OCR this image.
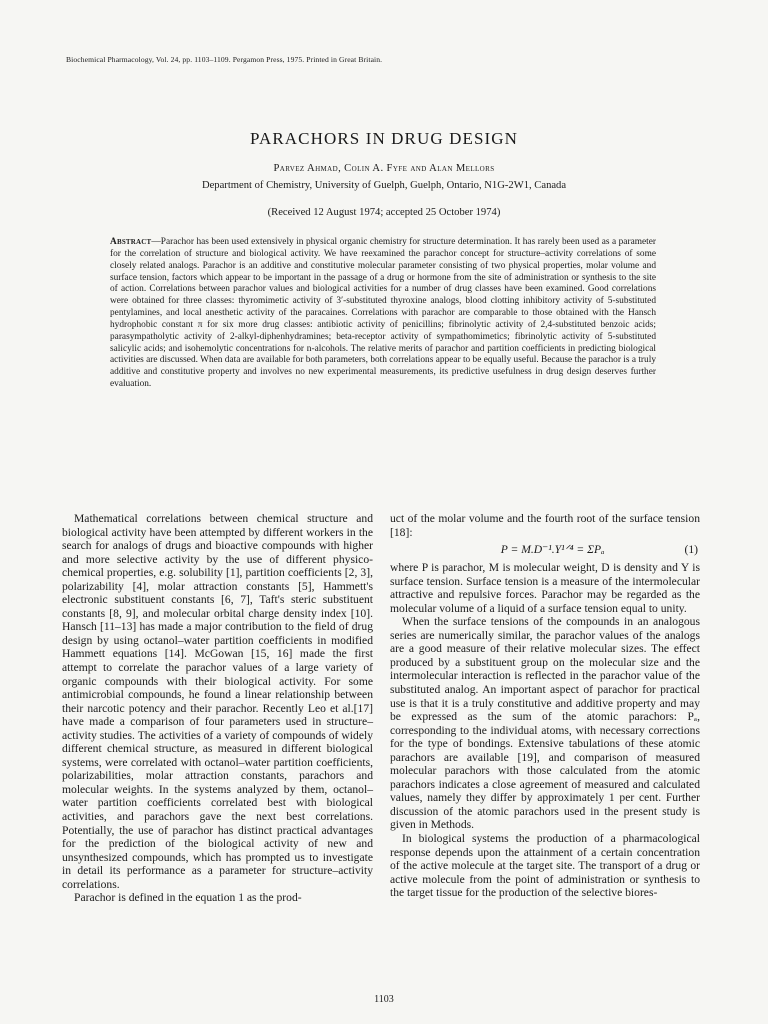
Biochemical Pharmacology, Vol. 24, pp. 1103–1109. Pergamon Press, 1975. Printed in Great Britain.
PARACHORS IN DRUG DESIGN
Parvez Ahmad, Colin A. Fyfe and Alan Mellors
Department of Chemistry, University of Guelph, Guelph, Ontario, N1G-2W1, Canada
(Received 12 August 1974; accepted 25 October 1974)

Abstract—Parachor has been used extensively in physical organic chemistry for structure determination. It has rarely been used as a parameter for the correlation of structure and biological activity. We have reexamined the parachor concept for structure–activity correlations of some closely related analogs. Parachor is an additive and constitutive molecular parameter consisting of two physical properties, molar volume and surface tension, factors which appear to be important in the passage of a drug or hormone from the site of administration or synthesis to the site of action. Correlations between parachor values and biological activities for a number of drug classes have been examined. Good correlations were obtained for three classes: thyromimetic activity of 3′-substituted thyroxine analogs, blood clotting inhibitory activity of 5-substituted pentylamines, and local anesthetic activity of the paracaines. Correlations with parachor are comparable to those obtained with the Hansch hydrophobic constant π for six more drug classes: antibiotic activity of penicillins; fibrinolytic activity of 2,4-substituted benzoic acids; parasympatholytic activity of 2-alkyl-diphenhydramines; beta-receptor activity of sympathomimetics; fibrinolytic activity of 5-substituted salicylic acids; and isohemolytic concentrations for n-alcohols. The relative merits of parachor and partition coefficients in predicting biological activities are discussed. When data are available for both parameters, both correlations appear to be equally useful. Because the parachor is a truly additive and constitutive property and involves no new experimental measurements, its predictive usefulness in drug design deserves further evaluation.

Mathematical correlations between chemical structure and biological activity have been attempted by different workers in the search for analogs of drugs and bioactive compounds with higher and more selective activity by the use of different physico-chemical properties, e.g. solubility [1], partition coefficients [2, 3], polarizability [4], molar attraction constants [5], Hammett's electronic substituent constants [6, 7], Taft's steric substituent constants [8, 9], and molecular orbital charge density index [10]. Hansch [11–13] has made a major contribution to the field of drug design by using octanol–water partition coefficients in modified Hammett equations [14]. McGowan [15, 16] made the first attempt to correlate the parachor values of a large variety of organic compounds with their biological activity. For some antimicrobial compounds, he found a linear relationship between their narcotic potency and their parachor. Recently Leo et al.[17] have made a comparison of four parameters used in structure–activity studies. The activities of a variety of compounds of widely different chemical structure, as measured in different biological systems, were correlated with octanol–water partition coefficients, polarizabilities, molar attraction constants, parachors and molecular weights. In the systems analyzed by them, octanol–water partition coefficients correlated best with biological activities, and parachors gave the next best correlations. Potentially, the use of parachor has distinct practical advantages for the prediction of the biological activity of new and unsynthesized compounds, which has prompted us to investigate in detail its performance as a parameter for structure–activity correlations.

Parachor is defined in the equation 1 as the prod-

uct of the molar volume and the fourth root of the surface tension [18]:

P = M.D⁻¹.Y¹ᐟ⁴ = ΣPₐ	(1)

where P is parachor, M is molecular weight, D is density and Y is surface tension. Surface tension is a measure of the intermolecular attractive and repulsive forces. Parachor may be regarded as the molecular volume of a liquid of a surface tension equal to unity.

When the surface tensions of the compounds in an analogous series are numerically similar, the parachor values of the analogs are a good measure of their relative molecular sizes. The effect produced by a substituent group on the molecular size and the intermolecular interaction is reflected in the parachor value of the substituted analog. An important aspect of parachor for practical use is that it is a truly constitutive and additive property and may be expressed as the sum of the atomic parachors: Pₐ, corresponding to the individual atoms, with necessary corrections for the type of bondings. Extensive tabulations of these atomic parachors are available [19], and comparison of measured molecular parachors with those calculated from the atomic parachors indicates a close agreement of measured and calculated values, namely they differ by approximately 1 per cent. Further discussion of the atomic parachors used in the present study is given in Methods.

In biological systems the production of a pharmacological response depends upon the attainment of a certain concentration of the active molecule at the target site. The transport of a drug or active molecule from the point of administration or synthesis to the target tissue for the production of the selective biores-

1103
